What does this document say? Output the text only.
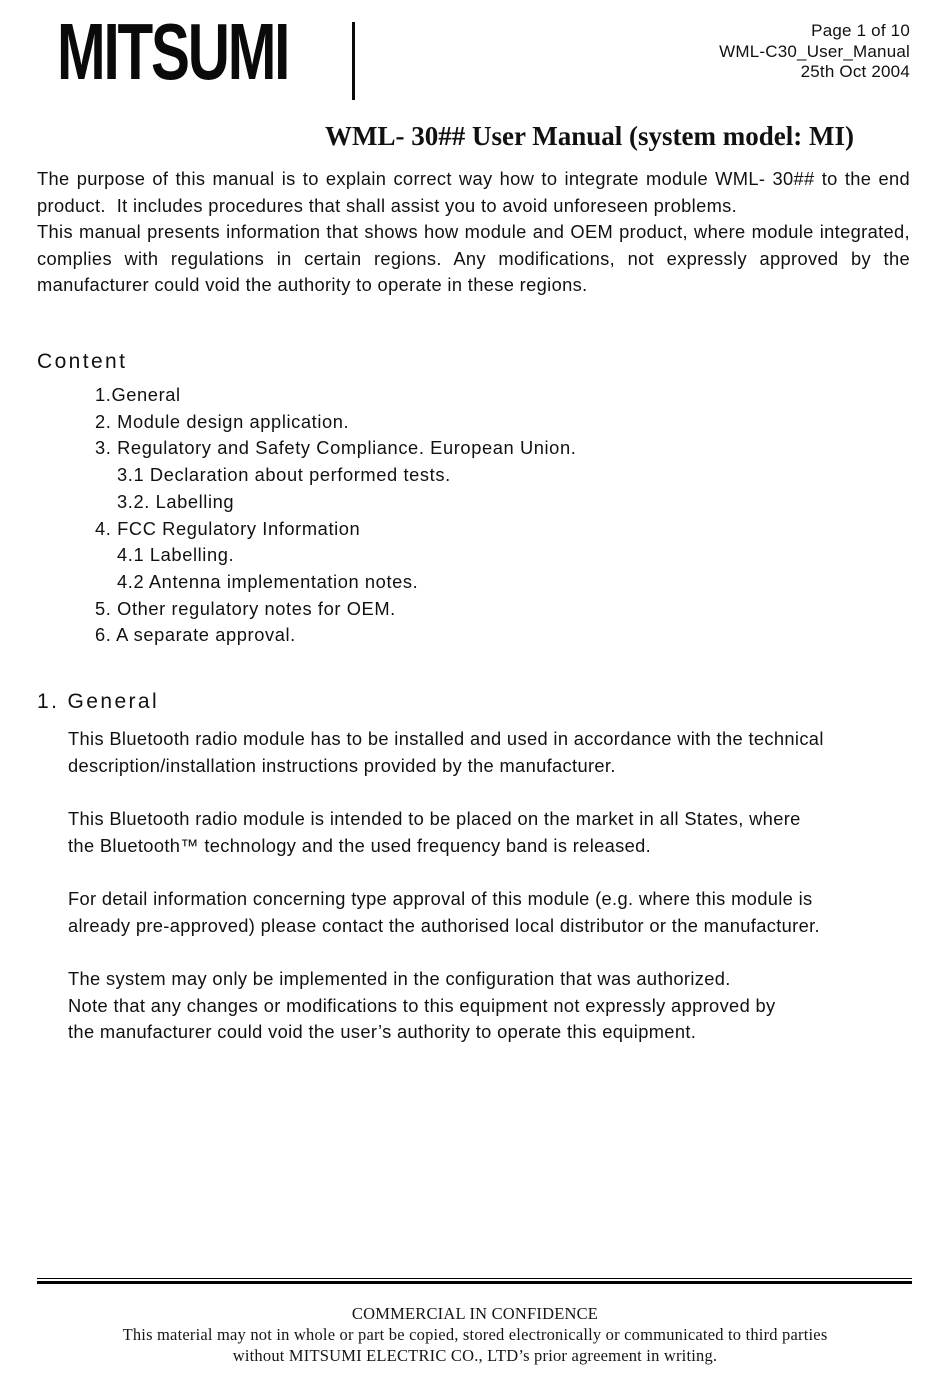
MITSUMI	Page 1 of 10
WML-C30_User_Manual
25th Oct 2004
WML- 30## User Manual (system model: MI)
The purpose of this manual is to explain correct way how to integrate module WML- 30## to the end
product.  It includes procedures that shall assist you to avoid unforeseen problems.
This manual presents information that shows how module and OEM product, where module integrated,
complies with regulations in certain regions. Any modifications, not expressly approved by the
manufacturer could void the authority to operate in these regions.
Content
1.General
2. Module design application.
3. Regulatory and Safety Compliance. European Union.
3.1 Declaration about performed tests.
3.2. Labelling
4. FCC Regulatory Information
4.1 Labelling.
4.2 Antenna implementation notes.
5. Other regulatory notes for OEM.
6. A separate approval.
1. General
This Bluetooth radio module has to be installed and used in accordance with the technical
description/installation instructions provided by the manufacturer.
This Bluetooth radio module is intended to be placed on the market in all States, where
the Bluetooth™ technology and the used frequency band is released.
For detail information concerning type approval of this module (e.g. where this module is
already pre-approved) please contact the authorised local distributor or the manufacturer.
The system may only be implemented in the configuration that was authorized.
Note that any changes or modifications to this equipment not expressly approved by
the manufacturer could void the user’s authority to operate this equipment.
COMMERCIAL IN CONFIDENCE
This material may not in whole or part be copied, stored electronically or communicated to third parties
without MITSUMI ELECTRIC CO., LTD’s prior agreement in writing.
